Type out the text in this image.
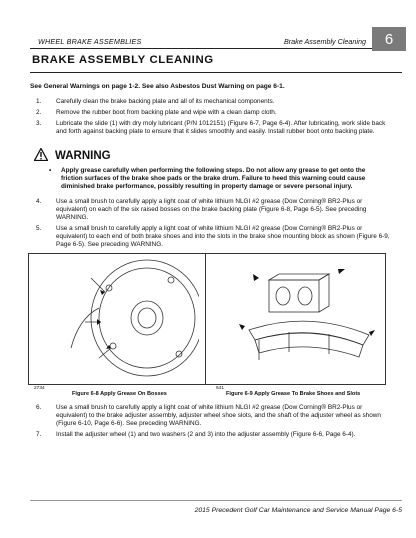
WHEEL BRAKE ASSEMBLIES	Brake Assembly Cleaning	6
BRAKE ASSEMBLY CLEANING
See General Warnings on page 1-2. See also Asbestos Dust Warning on page 6-1.
1.	Carefully clean the brake backing plate and all of its mechanical components.
2.	Remove the rubber boot from backing plate and wipe with a clean damp cloth.
3.	Lubricate the slide (1) with dry moly lubricant (P/N 1012151) (Figure 6-7, Page 6-4). After lubricating, work slide back and forth against backing plate to ensure that it slides smoothly and easily. Install rubber boot onto backing plate.
WARNING
•	Apply grease carefully when performing the following steps. Do not allow any grease to get onto the friction surfaces of the brake shoe pads or the brake drum. Failure to heed this warning could cause diminished brake performance, possibly resulting in property damage or severe personal injury.
4.	Use a small brush to carefully apply a light coat of white lithium NLGI #2 grease (Dow Corning® BR2-Plus or equivalent) on each of the six raised bosses on the brake backing plate (Figure 6-8, Page 6-5). See preceding WARNING.
5.	Use a small brush to carefully apply a light coat of white lithium NLGI #2 grease (Dow Corning® BR2-Plus or equivalent) to each end of both brake shoes and into the slots in the brake shoe mounting block as shown (Figure 6-9, Page 6-5). See preceding WARNING.
2734
Figure 6-8 Apply Grease On Bosses
641
Figure 6-9 Apply Grease To Brake Shoes and Slots
6.	Use a small brush to carefully apply a light coat of white lithium NLGI #2 grease (Dow Corning® BR2-Plus or equivalent) to the brake adjuster assembly, adjuster wheel shoe slots, and the shaft of the adjuster wheel as shown (Figure 6-10, Page 6-6). See preceding WARNING.
7.	Install the adjuster wheel (1) and two washers (2 and 3) into the adjuster assembly (Figure 6-6, Page 6-4).
2015 Precedent Golf Car Maintenance and Service Manual Page 6-5
